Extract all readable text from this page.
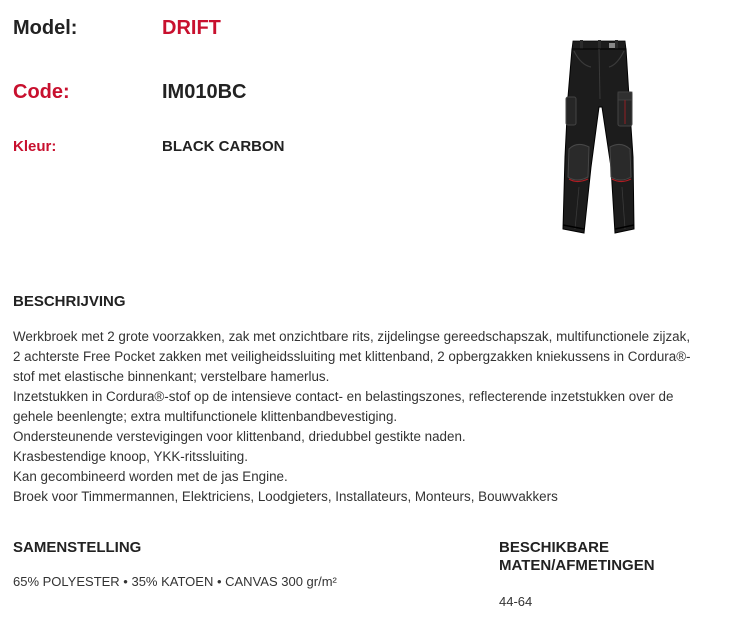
Model:	DRIFT
Code:	IM010BC
Kleur:	BLACK CARBON
BESCHRIJVING

Werkbroek met 2 grote voorzakken, zak met onzichtbare rits, zijdelingse gereedschapszak, multifunctionele zijzak,

2 achterste Free Pocket zakken met veiligheidssluiting met klittenband, 2 opbergzakken kniekussens in Cordura®-

stof met elastische binnenkant; verstelbare hamerlus.

Inzetstukken in Cordura®-stof op de intensieve contact- en belastingszones, reflecterende inzetstukken over de

gehele beenlengte; extra multifunctionele klittenbandbevestiging.

Ondersteunende verstevigingen voor klittenband, driedubbel gestikte naden.

Krasbestendige knoop, YKK-ritssluiting.

Kan gecombineerd worden met de jas Engine.

Broek voor Timmermannen, Elektriciens, Loodgieters, Installateurs, Monteurs, Bouwvakkers

SAMENSTELLING
65% POLYESTER • 35% KATOEN • CANVAS 300 gr/m²
BESCHIKBARE
MATEN/AFMETINGEN
44-64
